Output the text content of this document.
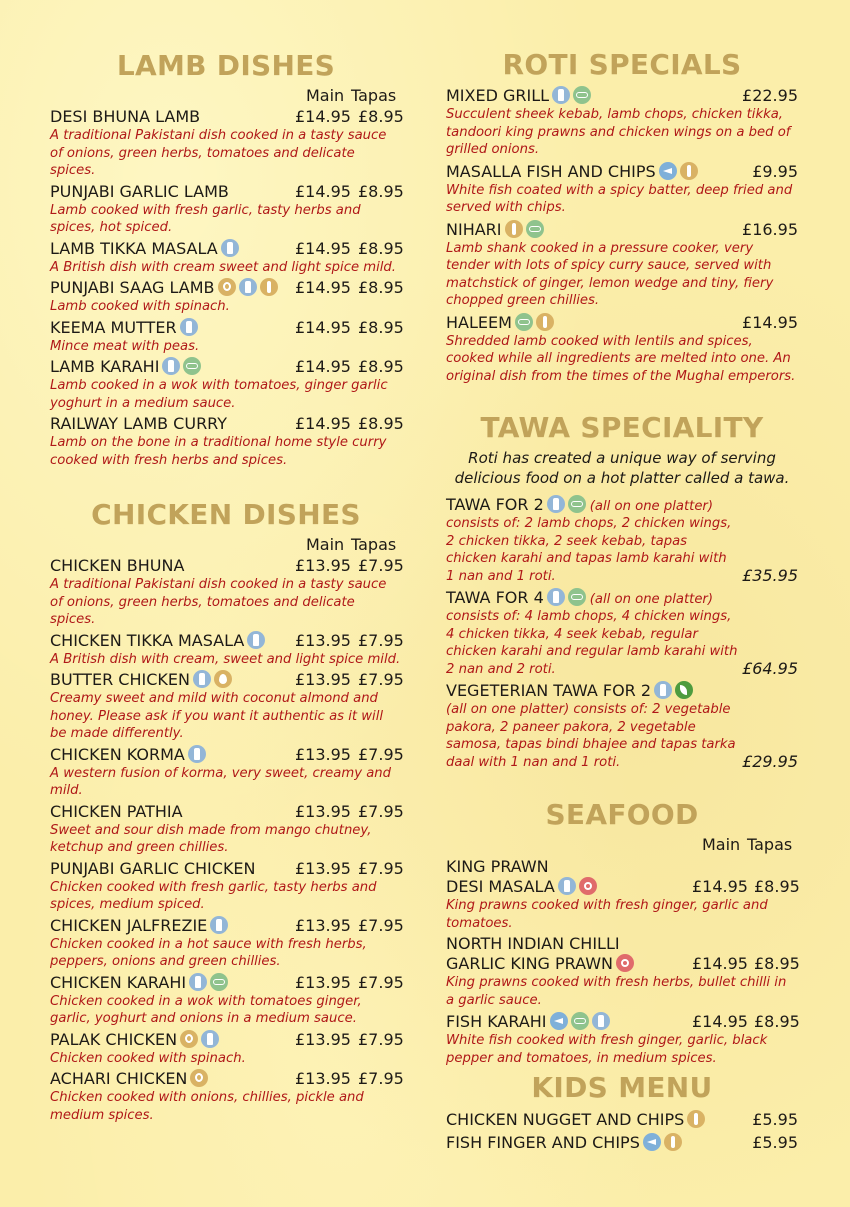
LAMB DISHES
Main Tapas
DESI BHUNA LAMB	£14.95 £8.95
A traditional Pakistani dish cooked in a tasty sauce of onions, green herbs, tomatoes and delicate spices.
PUNJABI GARLIC LAMB	£14.95 £8.95
Lamb cooked with fresh garlic, tasty herbs and spices, hot spiced.
LAMB TIKKA MASALA	£14.95 £8.95
A British dish with cream sweet and light spice mild.
PUNJABI SAAG LAMB	£14.95 £8.95
Lamb cooked with spinach.
KEEMA MUTTER	£14.95 £8.95
Mince meat with peas.
LAMB KARAHI	£14.95 £8.95
Lamb cooked in a wok with tomatoes, ginger garlic yoghurt in a medium sauce.
RAILWAY LAMB CURRY	£14.95 £8.95
Lamb on the bone in a traditional home style curry cooked with fresh herbs and spices.
CHICKEN DISHES
Main Tapas
CHICKEN BHUNA	£13.95 £7.95
A traditional Pakistani dish cooked in a tasty sauce of onions, green herbs, tomatoes and delicate spices.
CHICKEN TIKKA MASALA	£13.95 £7.95
A British dish with cream, sweet and light spice mild.
BUTTER CHICKEN	£13.95 £7.95
Creamy sweet and mild with coconut almond and honey. Please ask if you want it authentic as it will be made differently.
CHICKEN KORMA	£13.95 £7.95
A western fusion of korma, very sweet, creamy and mild.
CHICKEN PATHIA	£13.95 £7.95
Sweet and sour dish made from mango chutney, ketchup and green chillies.
PUNJABI GARLIC CHICKEN £13.95 £7.95
Chicken cooked with fresh garlic, tasty herbs and spices, medium spiced.
CHICKEN JALFREZIE	£13.95 £7.95
Chicken cooked in a hot sauce with fresh herbs, peppers, onions and green chillies.
CHICKEN KARAHI	£13.95 £7.95
Chicken cooked in a wok with tomatoes ginger, garlic, yoghurt and onions in a medium sauce.
PALAK CHICKEN	£13.95 £7.95
Chicken cooked with spinach.
ACHARI CHICKEN	£13.95 £7.95
Chicken cooked with onions, chillies, pickle and medium spices.
ROTI SPECIALS
MIXED GRILL	£22.95
Succulent sheek kebab, lamb chops, chicken tikka, tandoori king prawns and chicken wings on a bed of grilled onions.
MASALLA FISH AND CHIPS	£9.95
White fish coated with a spicy batter, deep fried and served with chips.
NIHARI	£16.95
Lamb shank cooked in a pressure cooker, very tender with lots of spicy curry sauce, served with matchstick of ginger, lemon wedge and tiny, fiery chopped green chillies.
HALEEM	£14.95
Shredded lamb cooked with lentils and spices, cooked while all ingredients are melted into one. An original dish from the times of the Mughal emperors.
TAWA SPECIALITY
Roti has created a unique way of serving delicious food on a hot platter called a tawa.
TAWA FOR 2	(all on one platter)
consists of: 2 lamb chops, 2 chicken wings, 2 chicken tikka, 2 seek kebab, tapas chicken karahi and tapas lamb karahi with 1 nan and 1 roti.	£35.95
TAWA FOR 4	(all on one platter)
consists of: 4 lamb chops, 4 chicken wings, 4 chicken tikka, 4 seek kebab, regular chicken karahi and regular lamb karahi with 2 nan and 2 roti.	£64.95
VEGETERIAN TAWA FOR 2
(all on one platter) consists of: 2 vegetable pakora, 2 paneer pakora, 2 vegetable samosa, tapas bindi bhajee and tapas tarka daal with 1 nan and 1 roti.	£29.95
SEAFOOD
Main Tapas
KING PRAWN
DESI MASALA	£14.95 £8.95
King prawns cooked with fresh ginger, garlic and tomatoes.
NORTH INDIAN CHILLI
GARLIC KING PRAWN	£14.95 £8.95
King prawns cooked with fresh herbs, bullet chilli in a garlic sauce.
FISH KARAHI	£14.95 £8.95
White fish cooked with fresh ginger, garlic, black pepper and tomatoes, in medium spices.
KIDS MENU
CHICKEN NUGGET AND CHIPS	£5.95
FISH FINGER AND CHIPS	£5.95
